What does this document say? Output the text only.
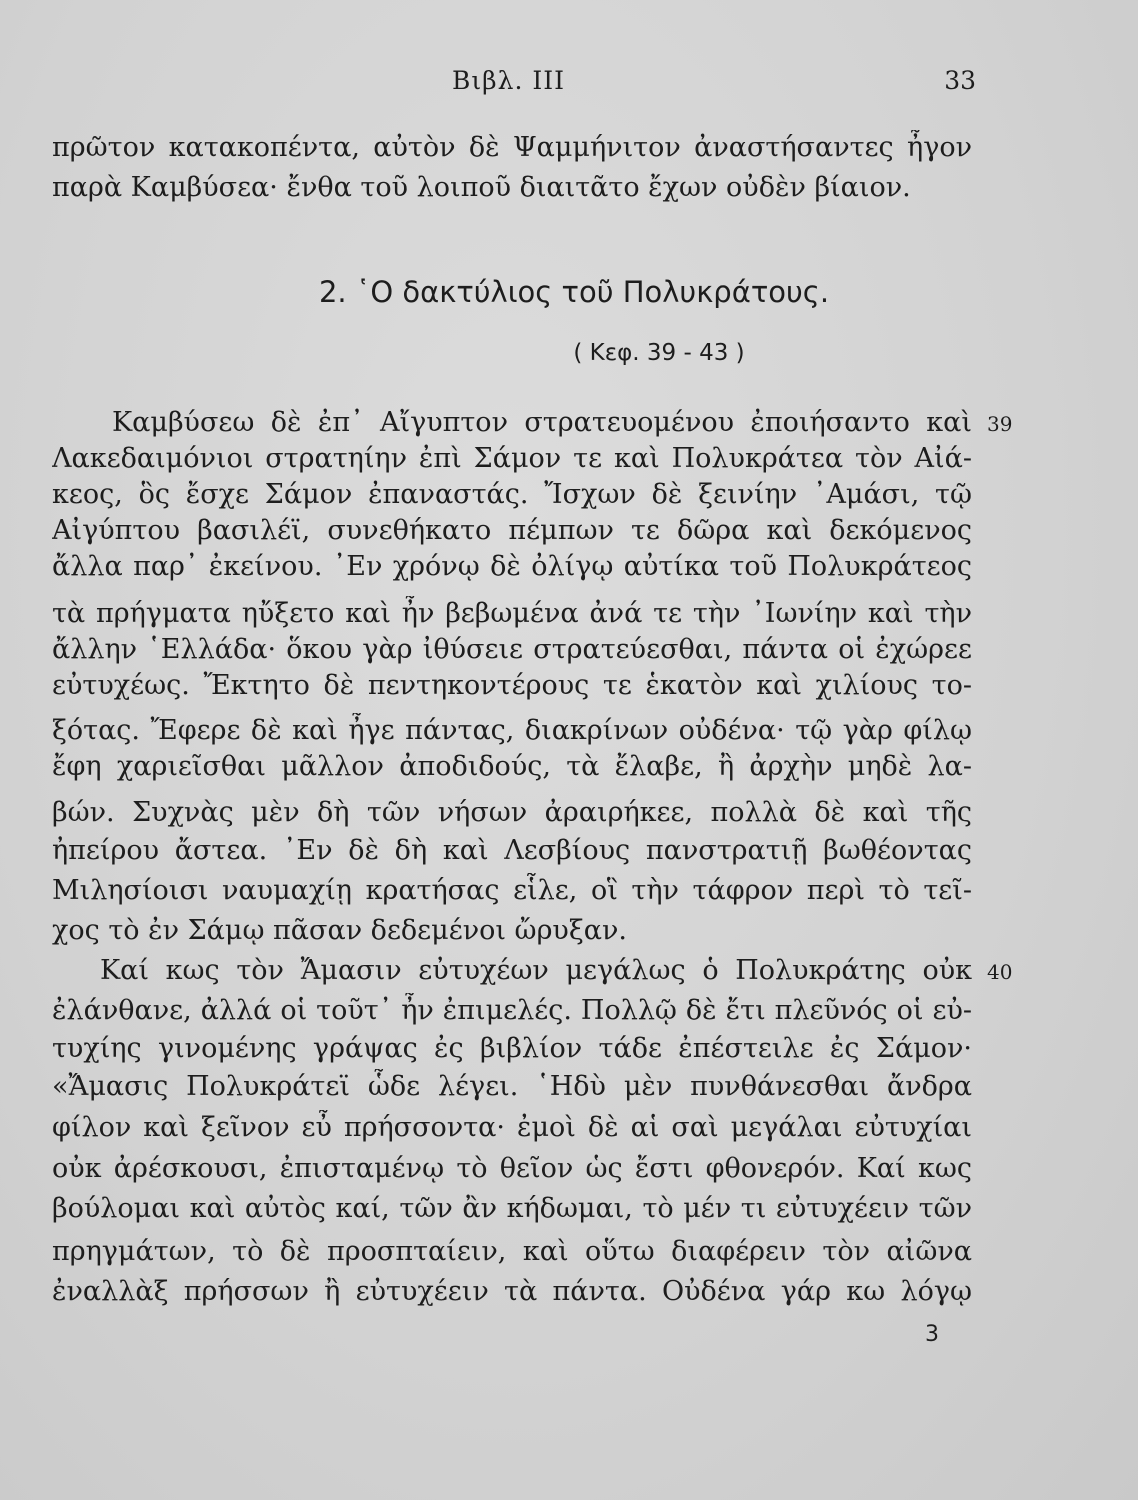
Βιβλ. III	33
πρῶτον κατακοπέντα, αὐτὸν δὲ Ψαμμήνιτον ἀναστήσαντες ἦγον
παρὰ Καμβύσεα· ἔνθα τοῦ λοιποῦ διαιτᾶτο ἔχων οὐδὲν βίαιον.
2. ῾Ο δακτύλιος τοῦ Πολυκράτους.
( Κεφ. 39 - 43 )
Καμβύσεω δὲ ἐπ᾽ Αἴγυπτον στρατευομένου ἐποιήσαντο καὶ 39
Λακεδαιμόνιοι στρατηίην ἐπὶ Σάμον τε καὶ Πολυκράτεα τὸν Αἰά-
κεος, ὃς ἔσχε Σάμον ἐπαναστάς. Ἴσχων δὲ ξεινίην ᾿Αμάσι, τῷ
Αἰγύπτου βασιλέϊ, συνεθήκατο πέμπων τε δῶρα καὶ δεκόμενος
ἄλλα παρ᾽ ἐκείνου. ᾿Εν χρόνῳ δὲ ὀλίγῳ αὐτίκα τοῦ Πολυκράτεος
τὰ πρήγματα ηὔξετο καὶ ἦν βεβωμένα ἀνά τε τὴν ᾿Ιωνίην καὶ τὴν
ἄλλην ῾Ελλάδα· ὅκου γὰρ ἰθύσειε στρατεύεσθαι, πάντα οἱ ἐχώρεε
εὐτυχέως. Ἔκτητο δὲ πεντηκοντέρους τε ἑκατὸν καὶ χιλίους το-
ξότας. Ἔφερε δὲ καὶ ἦγε πάντας, διακρίνων οὐδένα· τῷ γὰρ φίλῳ
ἔφη χαριεῖσθαι μᾶλλον ἀποδιδούς, τὰ ἔλαβε, ἢ ἀρχὴν μηδὲ λα-
βών. Συχνὰς μὲν δὴ τῶν νήσων ἀραιρήκεε, πολλὰ δὲ καὶ τῆς
ἠπείρου ἄστεα. ᾿Εν δὲ δὴ καὶ Λεσβίους πανστρατιῇ βωθέοντας
Μιλησίοισι ναυμαχίῃ κρατήσας εἷλε, οἳ τὴν τάφρον περὶ τὸ τεῖ-
χος τὸ ἐν Σάμῳ πᾶσαν δεδεμένοι ὤρυξαν.
Καί κως τὸν Ἄμασιν εὐτυχέων μεγάλως ὁ Πολυκράτης οὐκ 40
ἐλάνθανε, ἀλλά οἱ τοῦτ᾽ ἦν ἐπιμελές. Πολλῷ δὲ ἔτι πλεῦνός οἱ εὐ-
τυχίης γινομένης γράψας ἐς βιβλίον τάδε ἐπέστειλε ἐς Σάμον·
«Ἄμασις Πολυκράτεϊ ὧδε λέγει. ῾Ηδὺ μὲν πυνθάνεσθαι ἄνδρα
φίλον καὶ ξεῖνον εὖ πρήσσοντα· ἐμοὶ δὲ αἱ σαὶ μεγάλαι εὐτυχίαι
οὐκ ἀρέσκουσι, ἐπισταμένῳ τὸ θεῖον ὡς ἔστι φθονερόν. Καί κως
βούλομαι καὶ αὐτὸς καί, τῶν ἂν κήδωμαι, τὸ μέν τι εὐτυχέειν τῶν
πρηγμάτων, τὸ δὲ προσπταίειν, καὶ οὕτω διαφέρειν τὸν αἰῶνα
ἐναλλὰξ πρήσσων ἢ εὐτυχέειν τὰ πάντα. Οὐδένα γάρ κω λόγῳ
3
